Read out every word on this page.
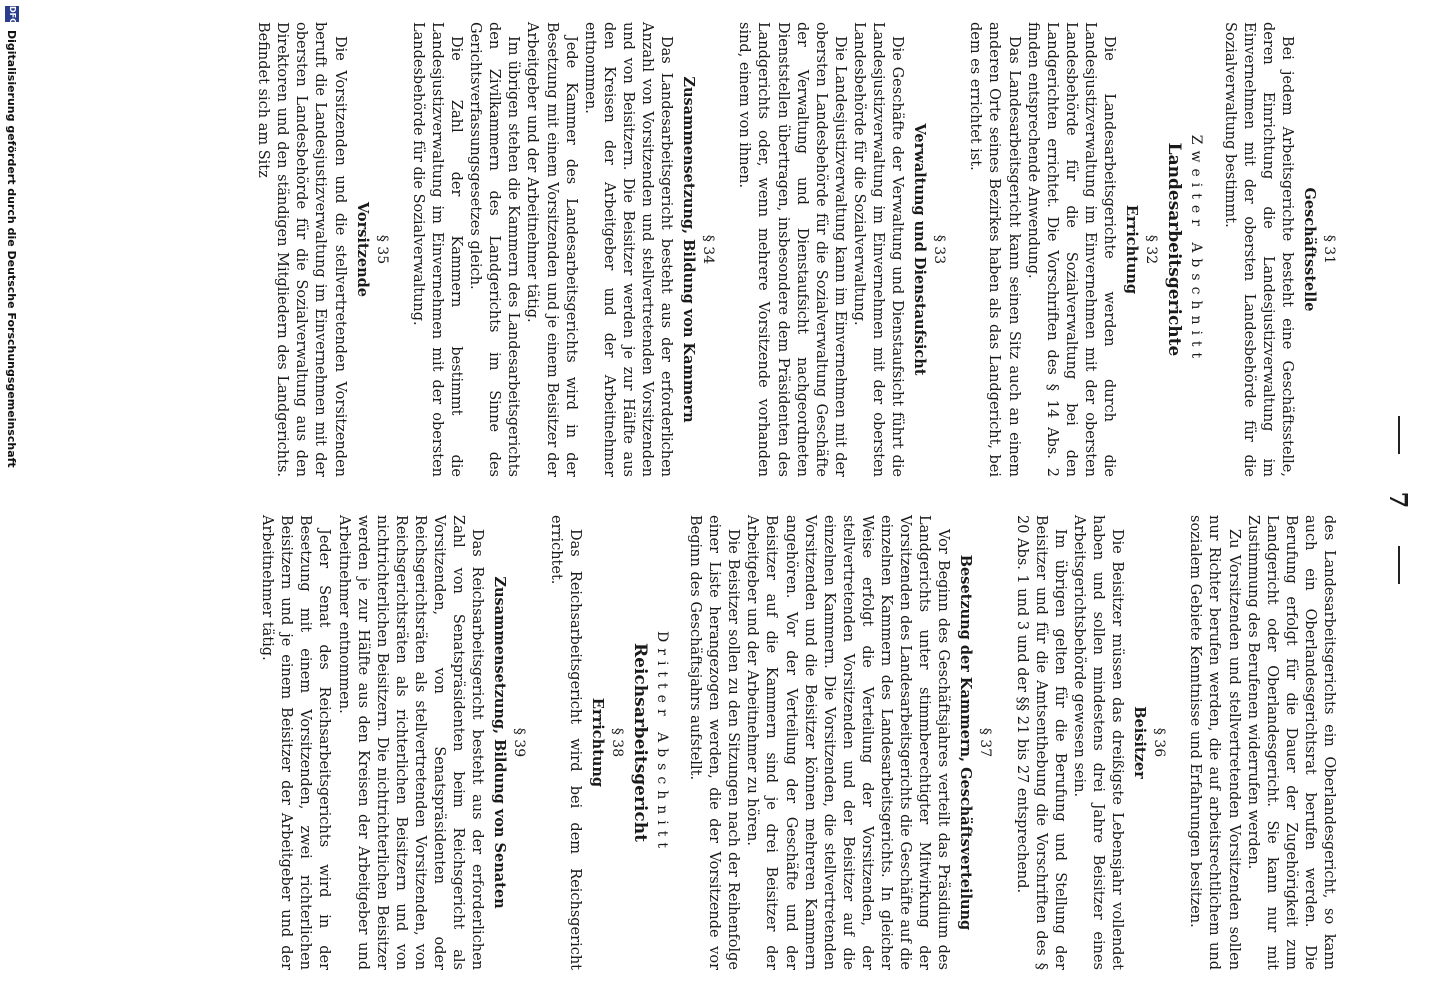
7

§ 31

Geschäftsstelle

Bei jedem Arbeitsgerichte besteht eine Geschäftsstelle, deren Einrichtung die Landesjustizverwaltung im Einvernehmen mit der obersten Landesbehörde für die Sozialverwaltung bestimmt.

Zweiter Abschnitt

Landesarbeitsgerichte

§ 32

Errichtung

Die Landesarbeitsgerichte werden durch die Landesjustizverwaltung im Einvernehmen mit der obersten Landesbehörde für die Sozialverwaltung bei den Landgerichten errichtet. Die Vorschriften des § 14 Abs. 2 finden entsprechende Anwendung.

Das Landesarbeitsgericht kann seinen Sitz auch an einem anderen Orte seines Bezirkes haben als das Landgericht, bei dem es errichtet ist.

§ 33

Verwaltung und Dienstaufsicht

Die Geschäfte der Verwaltung und Dienstaufsicht führt die Landesjustizverwaltung im Einvernehmen mit der obersten Landesbehörde für die Sozialverwaltung.

Die Landesjustizverwaltung kann im Einvernehmen mit der obersten Landesbehörde für die Sozialverwaltung Geschäfte der Verwaltung und Dienstaufsicht nachgeordneten Dienststellen übertragen, insbesondere dem Präsidenten des Landgerichts oder, wenn mehrere Vorsitzende vorhanden sind, einem von ihnen.

§ 34

Zusammensetzung, Bildung von Kammern

Das Landesarbeitsgericht besteht aus der erforderlichen Anzahl von Vorsitzenden und stellvertretenden Vorsitzenden und von Beisitzern. Die Beisitzer werden je zur Hälfte aus den Kreisen der Arbeitgeber und der Arbeitnehmer entnommen.

Jede Kammer des Landesarbeitsgerichts wird in der Besetzung mit einem Vorsitzenden und je einem Beisitzer der Arbeitgeber und der Arbeitnehmer tätig.

Im übrigen stehen die Kammern des Landesarbeitsgerichts den Zivilkammern des Landgerichts im Sinne des Gerichtsverfassungsgesetzes gleich.

Die Zahl der Kammern bestimmt die Landesjustizverwaltung im Einvernehmen mit der obersten Landesbehörde für die Sozialverwaltung.

§ 35

Vorsitzende

Die Vorsitzenden und die stellvertretenden Vorsitzenden beruft die Landesjustizverwaltung im Einvernehmen mit der obersten Landesbehörde für die Sozialverwaltung aus den Direktoren und den ständigen Mitgliedern des Landgerichts. Befindet sich am Sitz

des Landesarbeitsgerichts ein Oberlandesgericht, so kann auch ein Oberlandesgerichtsrat berufen werden. Die Berufung erfolgt für die Dauer der Zugehörigkeit zum Landgericht oder Oberlandesgericht. Sie kann nur mit Zustimmung des Berufenen widerrufen werden.

Zu Vorsitzenden und stellvertretenden Vorsitzenden sollen nur Richter berufen werden, die auf arbeitsrechtlichem und sozialem Gebiete Kenntnisse und Erfahrungen besitzen.

§ 36

Beisitzer

Die Beisitzer müssen das dreißigste Lebensjahr vollendet haben und sollen mindestens drei Jahre Beisitzer eines Arbeitsgerichtsbehörde gewesen sein.

Im übrigen gelten für die Berufung und Stellung der Beisitzer und für die Amtsenthebung die Vorschriften des § 20 Abs. 1 und 3 und der §§ 21 bis 27 entsprechend.

§ 37

Besetzung der Kammern, Geschäftsverteilung

Vor Beginn des Geschäftsjahres verteilt das Präsidium des Landgerichts unter stimmberechtigter Mitwirkung der Vorsitzenden des Landesarbeitsgerichts die Geschäfte auf die einzelnen Kammern des Landesarbeitsgerichts. In gleicher Weise erfolgt die Verteilung der Vorsitzenden, der stellvertretenden Vorsitzenden und der Beisitzer auf die einzelnen Kammern. Die Vorsitzenden, die stellvertretenden Vorsitzenden und die Beisitzer können mehreren Kammern angehören. Vor der Verteilung der Geschäfte und der Beisitzer auf die Kammern sind je drei Beisitzer der Arbeitgeber und der Arbeitnehmer zu hören.

Die Beisitzer sollen zu den Sitzungen nach der Reihenfolge einer Liste herangezogen werden, die der Vorsitzende vor Beginn des Geschäftsjahrs aufstellt.

Dritter Abschnitt

Reichsarbeitsgericht

§ 38

Errichtung

Das Reichsarbeitsgericht wird bei dem Reichsgericht errichtet.

§ 39

Zusammensetzung, Bildung von Senaten

Das Reichsarbeitsgericht besteht aus der erforderlichen Zahl von Senatspräsidenten beim Reichsgericht als Vorsitzenden, von Senatspräsidenten oder Reichsgerichtsräten als stellvertretenden Vorsitzenden, von Reichsgerichtsräten als richterlichen Beisitzern und von nichtrichterlichen Beisitzern. Die nichtrichterlichen Beisitzer werden je zur Hälfte aus den Kreisen der Arbeitgeber und Arbeitnehmer entnommen.

Jeder Senat des Reichsarbeitsgerichts wird in der Besetzung mit einem Vorsitzenden, zwei richterlichen Beisitzern und je einem Beisitzer der Arbeitgeber und der Arbeitnehmer tätig.

DFG
Digitalisierung gefördert durch die Deutsche Forschungsgemeinschaft
